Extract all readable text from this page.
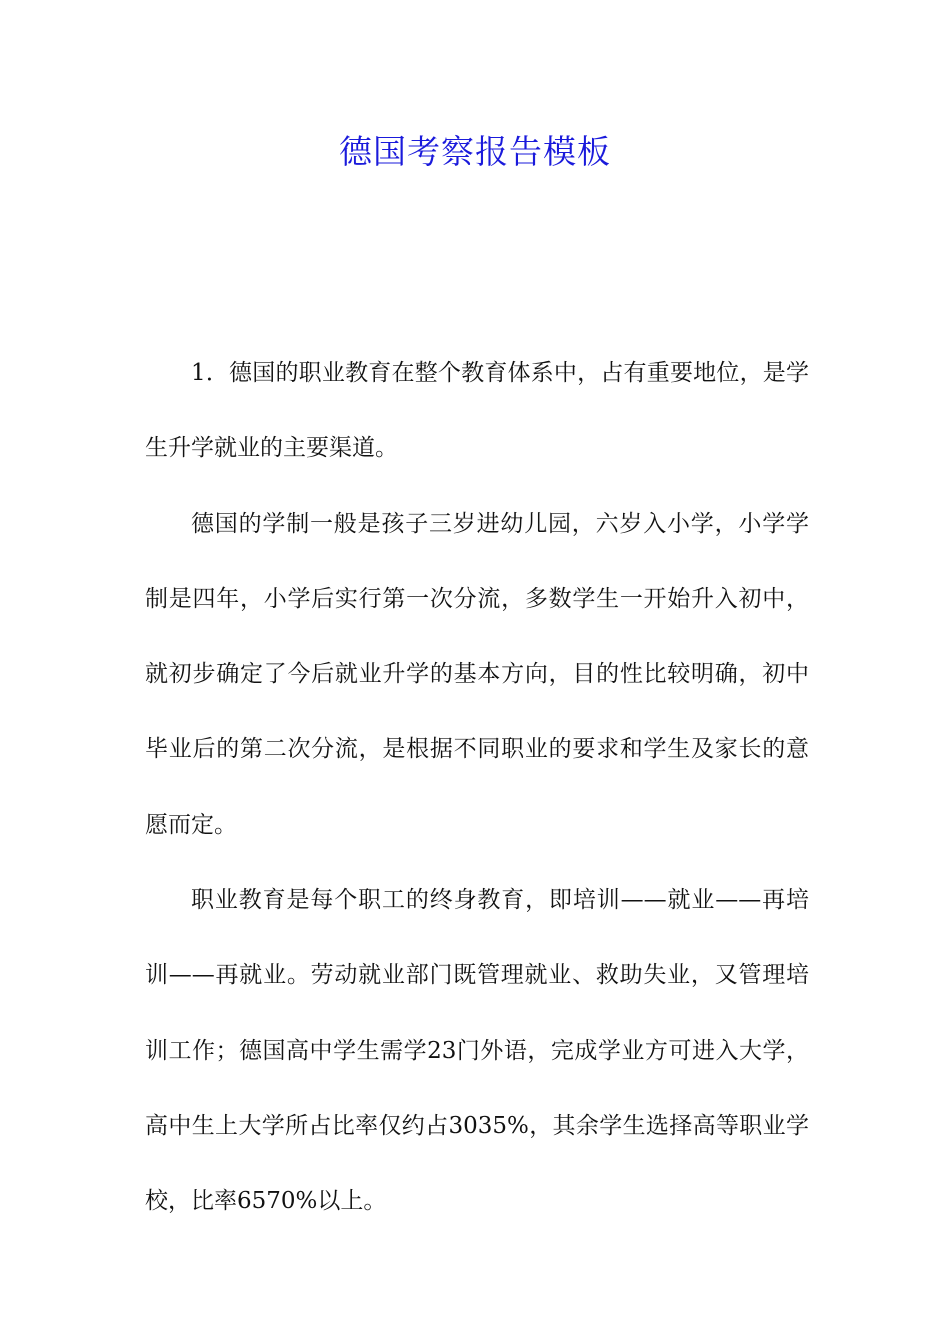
德国考察报告模板

1．德国的职业教育在整个教育体系中，占有重要地位，是学生升学就业的主要渠道。

德国的学制一般是孩子三岁进幼儿园，六岁入小学，小学学制是四年，小学后实行第一次分流，多数学生一开始升入初中，就初步确定了今后就业升学的基本方向，目的性比较明确，初中毕业后的第二次分流，是根据不同职业的要求和学生及家长的意愿而定。

职业教育是每个职工的终身教育，即培训——就业——再培训——再就业。劳动就业部门既管理就业、救助失业，又管理培训工作；德国高中学生需学23门外语，完成学业方可进入大学，高中生上大学所占比率仅约占3035%，其余学生选择高等职业学校，比率6570%以上。
